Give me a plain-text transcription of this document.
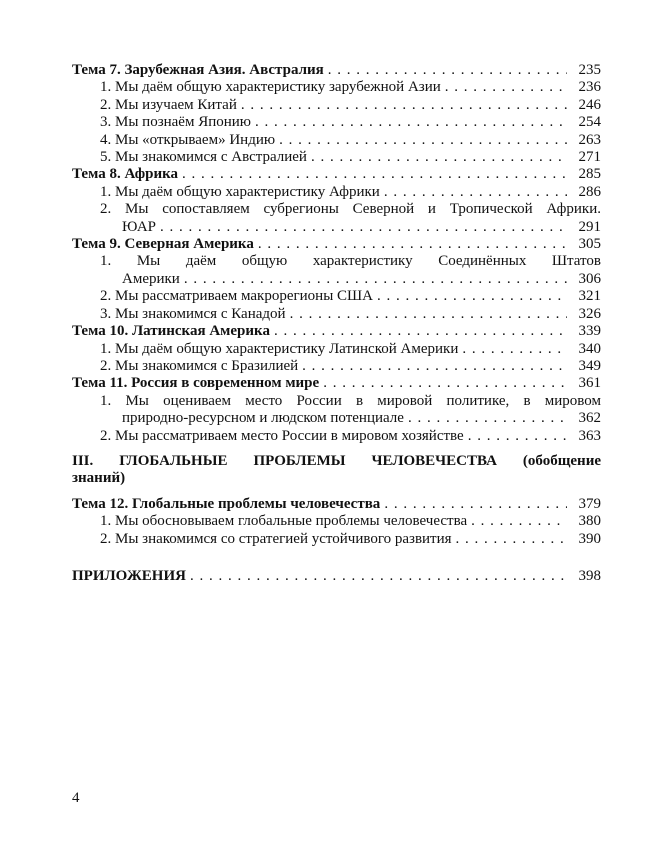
Тема 7. Зарубежная Азия. Австралия . . .	235
1. Мы даём общую характеристику зарубежной Азии . . .	236
2. Мы изучаем Китай . . .	246
3. Мы познаём Японию . . .	254
4. Мы «открываем» Индию . . .	263
5. Мы знакомимся с Австралией . . .	271
Тема 8. Африка . . .	285
1. Мы даём общую характеристику Африки . . .	286
2. Мы сопоставляем субрегионы Северной и Тропической Африки.
ЮАР . . .	291
Тема 9. Северная Америка . . .	305
1. Мы даём общую характеристику Соединённых Штатов
Америки . . .	306
2. Мы рассматриваем макрорегионы США . . .	321
3. Мы знакомимся с Канадой . . .	326
Тема 10. Латинская Америка . . .	339
1. Мы даём общую характеристику Латинской Америки . . .	340
2. Мы знакомимся с Бразилией . . .	349
Тема 11. Россия в современном мире . . .	361
1. Мы оцениваем место России в мировой политике, в мировом
природно-ресурсном и людском потенциале . . .	362
2. Мы рассматриваем место России в мировом хозяйстве . . .	363
III. ГЛОБАЛЬНЫЕ ПРОБЛЕМЫ ЧЕЛОВЕЧЕСТВА (обобщение
знаний)
Тема 12. Глобальные проблемы человечества . . .	379
1. Мы обосновываем глобальные проблемы человечества . . .	380
2. Мы знакомимся со стратегией устойчивого развития . . .	390
ПРИЛОЖЕНИЯ . . .	398
4
